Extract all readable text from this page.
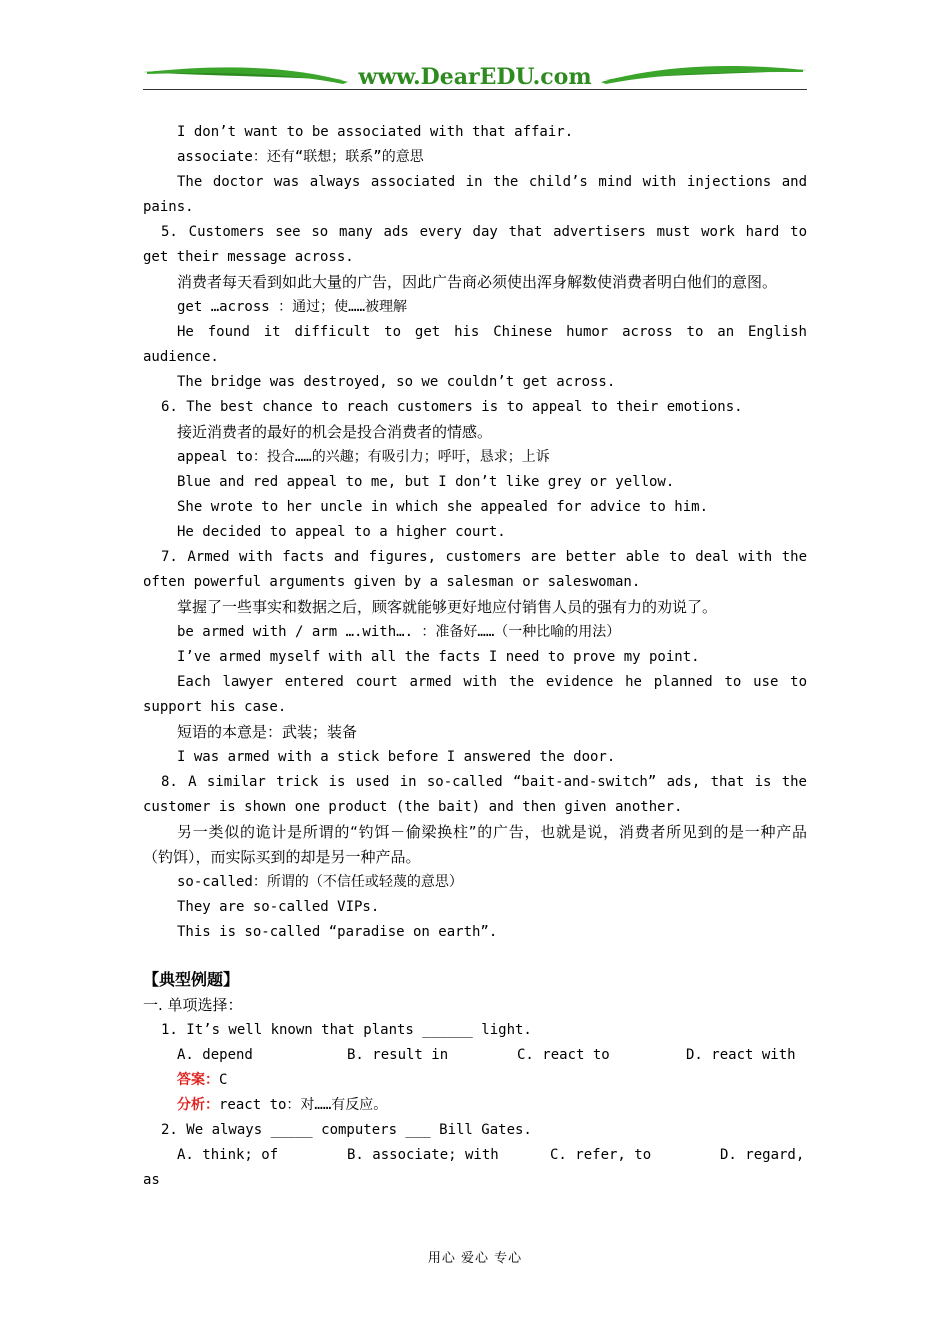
www.DearEDU.com
I don’t want to be associated with that affair.
associate：还有“联想；联系”的意思
The doctor was always associated in the child’s mind with injections and pains.
5. Customers see so many ads every day that advertisers must work hard to get their message across.
消费者每天看到如此大量的广告，因此广告商必须使出浑身解数使消费者明白他们的意图。
get …across ：通过；使……被理解
He found it difficult to get his Chinese humor across to an English audience.
The bridge was destroyed, so we couldn’t get across.
6. The best chance to reach customers is to appeal to their emotions.
接近消费者的最好的机会是投合消费者的情感。
appeal to：投合……的兴趣；有吸引力；呼吁，恳求；上诉
Blue and red appeal to me, but I don’t like grey or yellow.
She wrote to her uncle in which she appealed for advice to him.
He decided to appeal to a higher court.
7. Armed with facts and figures, customers are better able to deal with the often powerful arguments given by a salesman or saleswoman.
掌握了一些事实和数据之后，顾客就能够更好地应付销售人员的强有力的劝说了。
be armed with / arm ….with…. ：准备好……（一种比喻的用法）
I’ve armed myself with all the facts I need to prove my point.
Each lawyer entered court armed with the evidence he planned to use to support his case.
短语的本意是：武装；装备
I was armed with a stick before I answered the door.
8. A similar trick is used in so-called “bait-and-switch” ads, that is the customer is shown one product (the bait) and then given another.
另一类似的诡计是所谓的“钓饵－偷梁换柱”的广告，也就是说，消费者所见到的是一种产品（钓饵），而实际买到的却是另一种产品。
so-called：所谓的（不信任或轻蔑的意思）
They are so-called VIPs.
This is so-called “paradise on earth”.
【典型例题】
一. 单项选择：
1. It’s well known that plants ______ light.
A. depend	B. result in	C. react to	D. react with
答案：C
分析：react to：对……有反应。
2. We always _____ computers ___ Bill Gates.
A. think; of	B. associate; with	C. refer, to	D. regard,
as
用心 爱心 专心
